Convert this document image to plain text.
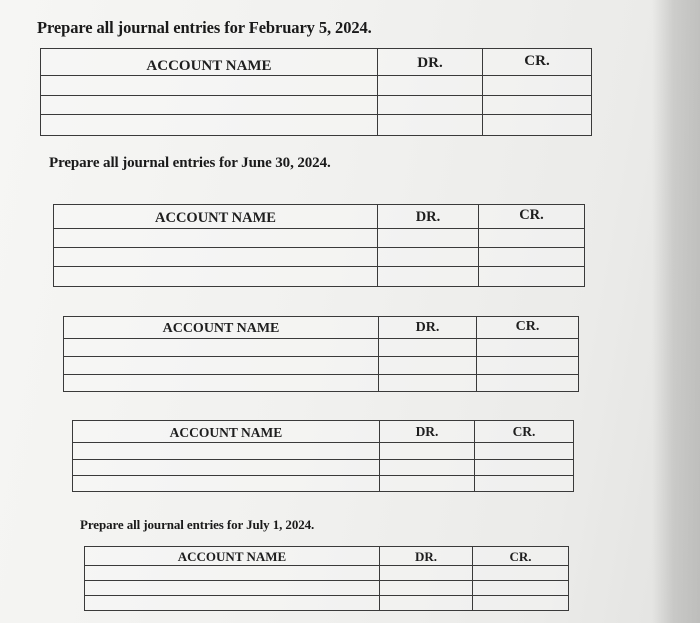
Prepare all journal entries for February 5, 2024.
ACCOUNT NAME	DR.	CR.

Prepare all journal entries for June 30, 2024.
ACCOUNT NAME	DR.	CR.

ACCOUNT NAME	DR.	CR.

ACCOUNT NAME	DR.	CR.

Prepare all journal entries for July 1, 2024.
ACCOUNT NAME	DR.	CR.
